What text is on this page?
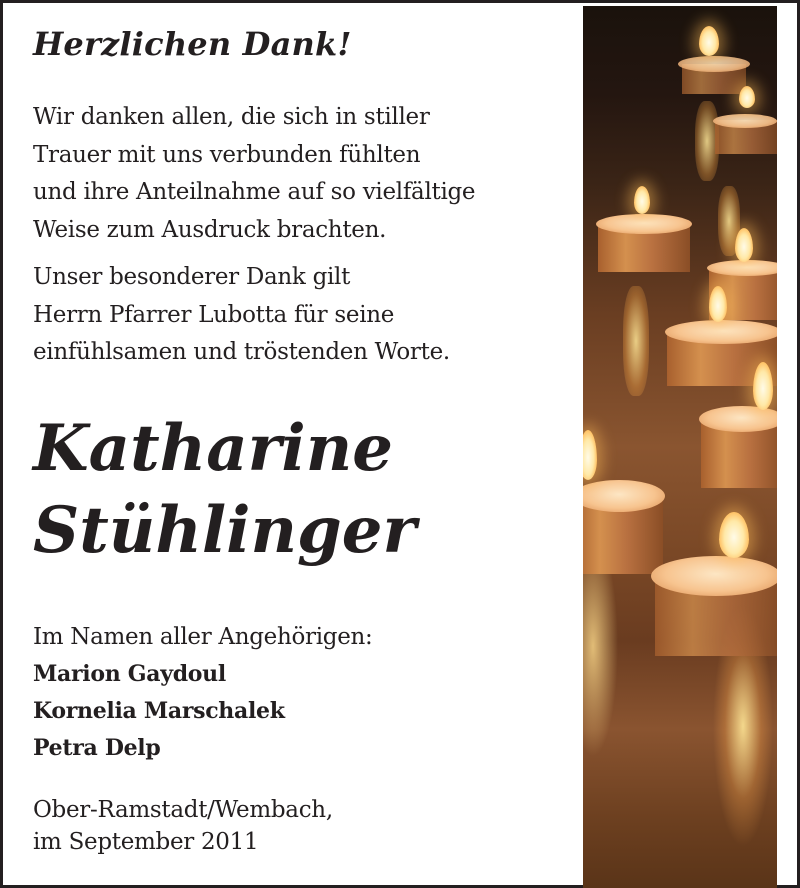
Herzlichen Dank!
Wir danken allen, die sich in stiller
Trauer mit uns verbunden fühlten
und ihre Anteilnahme auf so vielfältige
Weise zum Ausdruck brachten.
Unser besonderer Dank gilt
Herrn Pfarrer Lubotta für seine
einfühlsamen und tröstenden Worte.
Katharine
Stühlinger
Im Namen aller Angehörigen:
Marion Gaydoul
Kornelia Marschalek
Petra Delp
Ober-Ramstadt/Wembach,
im September 2011
